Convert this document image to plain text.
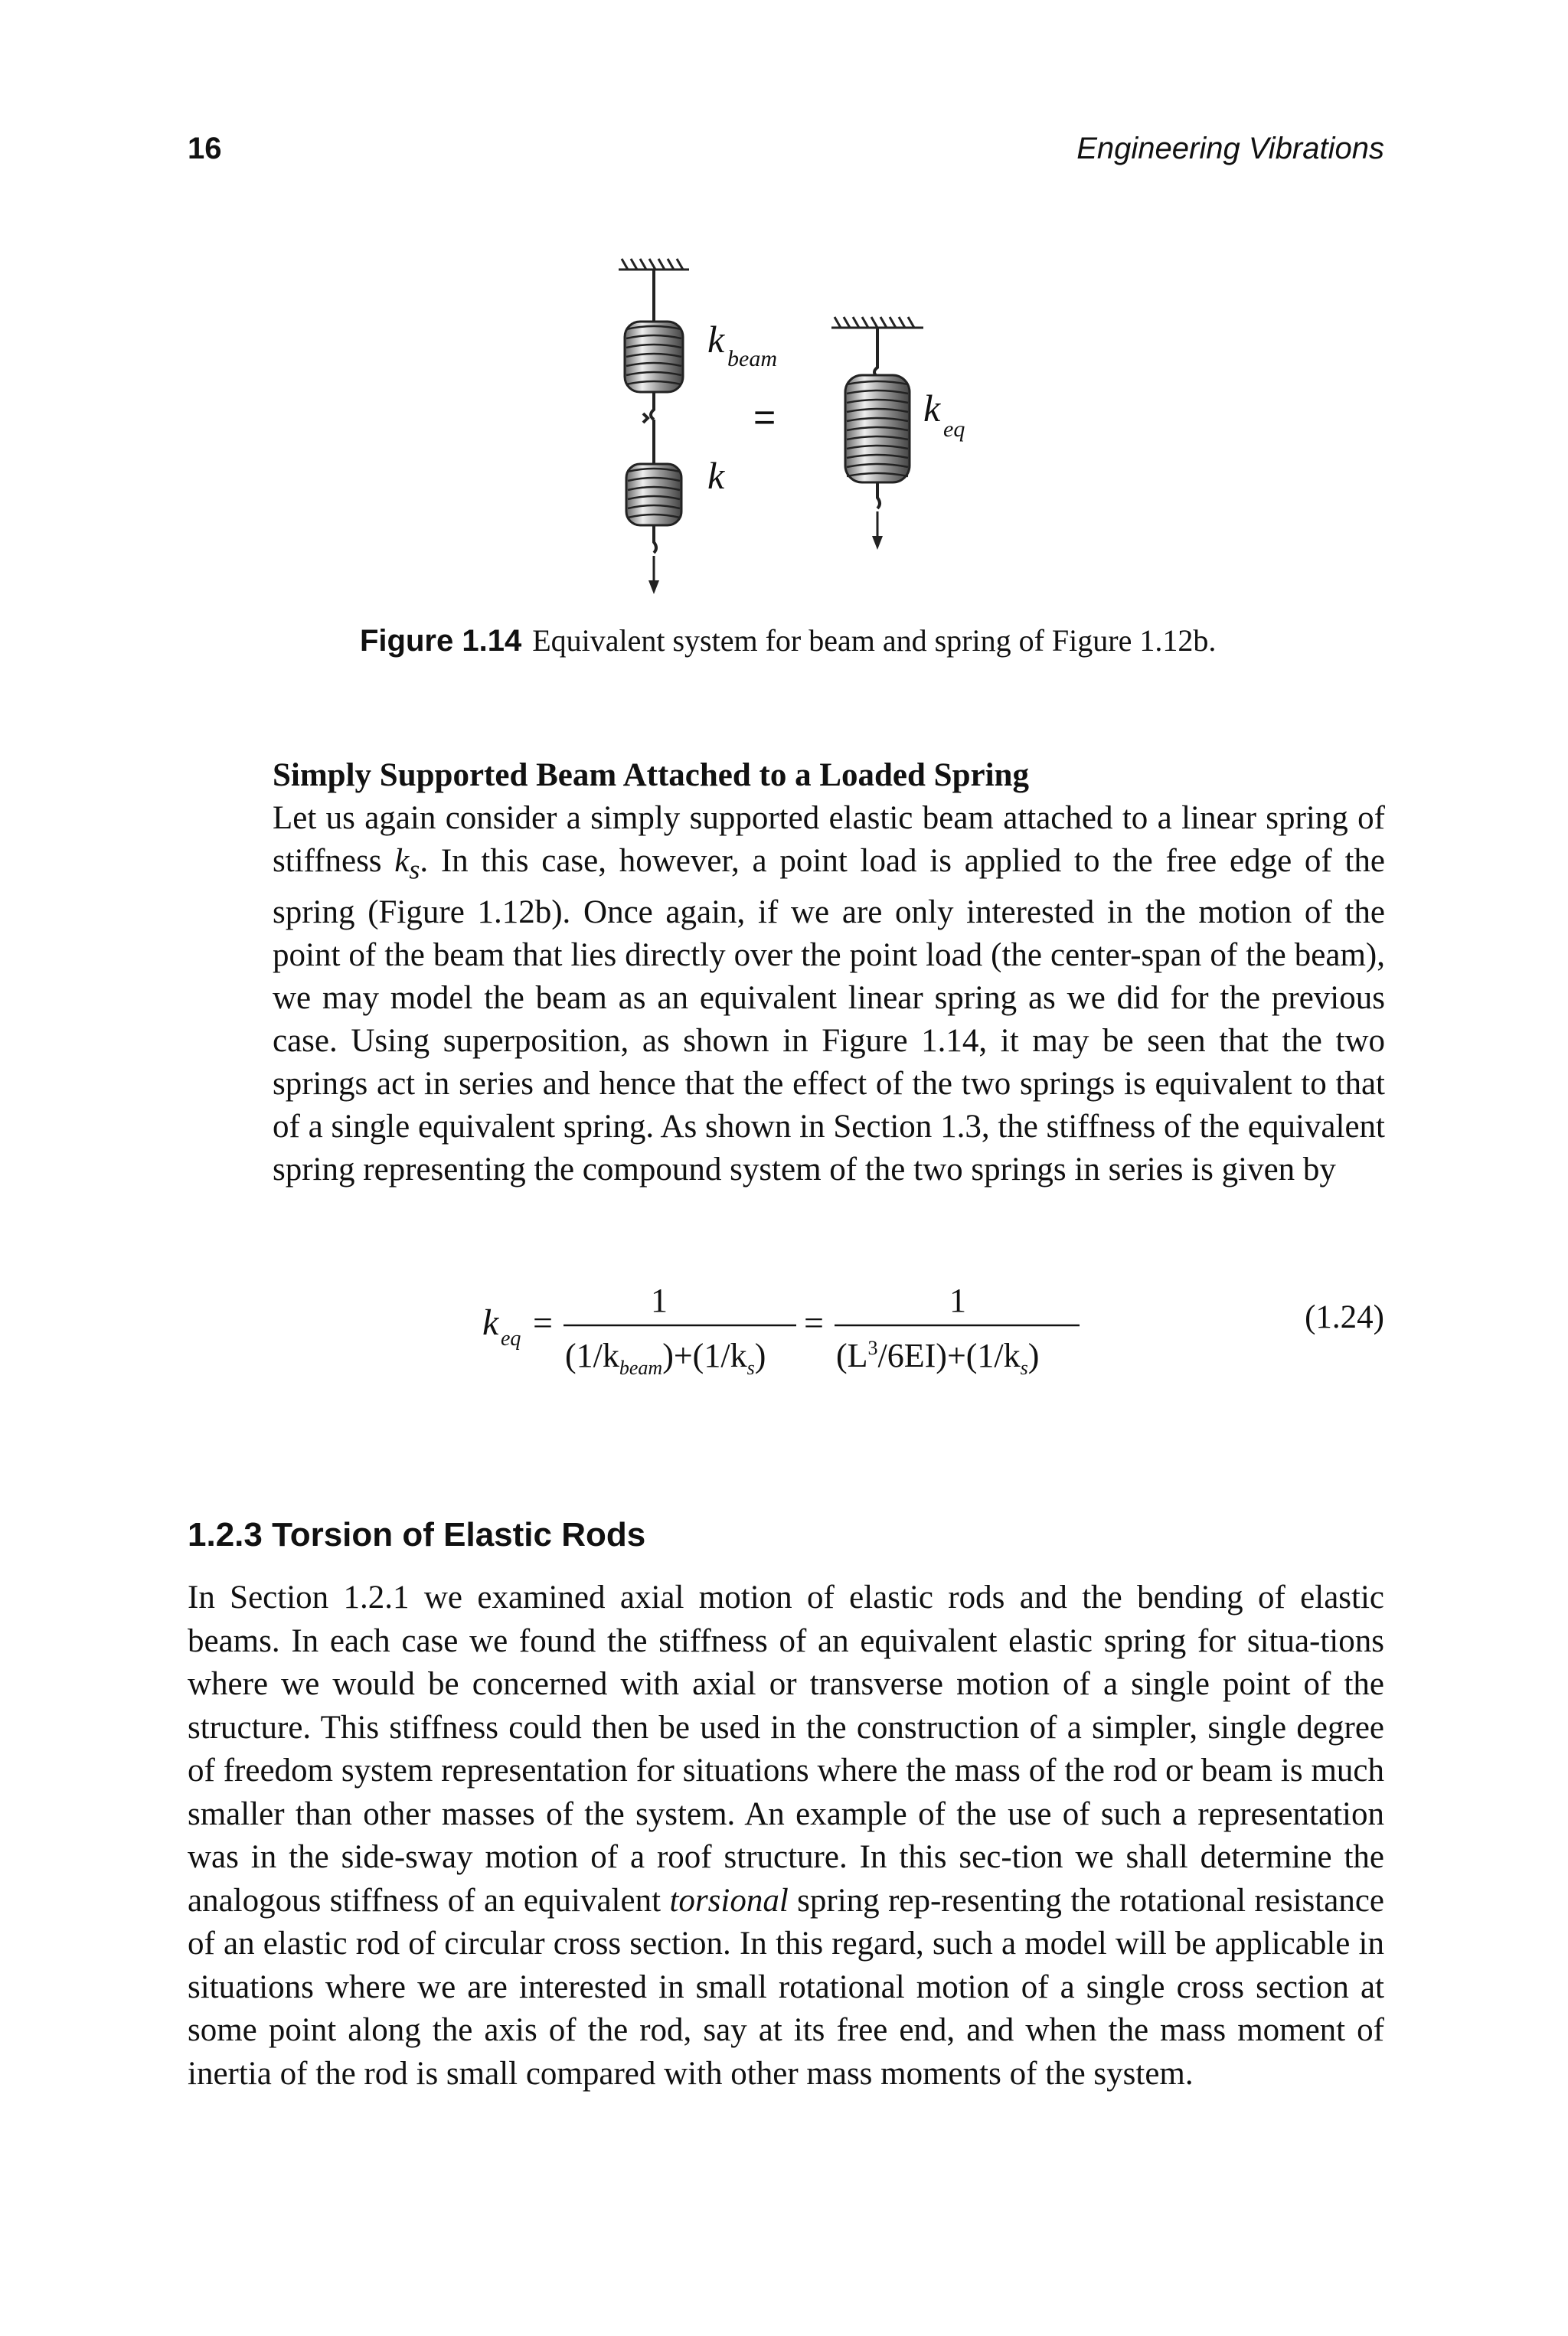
16	Engineering Vibrations
k beam
=
k
k eq
Figure 1.14 Equivalent system for beam and spring of Figure 1.12b.

Simply Supported Beam Attached to a Loaded Spring

Let us again consider a simply supported elastic beam attached to a linear spring of stiffness $k_s$. In this case, however, a point load is applied to the free edge of the spring (Figure 1.12b). Once again, if we are only interested in the motion of the point of the beam that lies directly over the point load (the center-span of the beam), we may model the beam as an equivalent linear spring as we did for the previous case. Using superposition, as shown in Figure 1.14, it may be seen that the two springs act in series and hence that the effect of the two springs is equivalent to that of a single equivalent spring. As shown in Section 1.3, the stiffness of the equivalent spring representing the compound system of the two springs in series is given by

k eq =
1
$(1/k_{beam})+(1/k_s)$
=
1
$(L^3/6EI)+(1/k_s)$
(1.24)

1.2.3 Torsion of Elastic Rods

In Section 1.2.1 we examined axial motion of elastic rods and the bending of elastic beams. In each case we found the stiffness of an equivalent elastic spring for situa-tions where we would be concerned with axial or transverse motion of a single point of the structure. This stiffness could then be used in the construction of a simpler, single degree of freedom system representation for situations where the mass of the rod or beam is much smaller than other masses of the system. An example of the use of such a representation was in the side-sway motion of a roof structure. In this sec-tion we shall determine the analogous stiffness of an equivalent torsional spring rep-resenting the rotational resistance of an elastic rod of circular cross section. In this regard, such a model will be applicable in situations where we are interested in small rotational motion of a single cross section at some point along the axis of the rod, say at its free end, and when the mass moment of inertia of the rod is small compared with other mass moments of the system.
